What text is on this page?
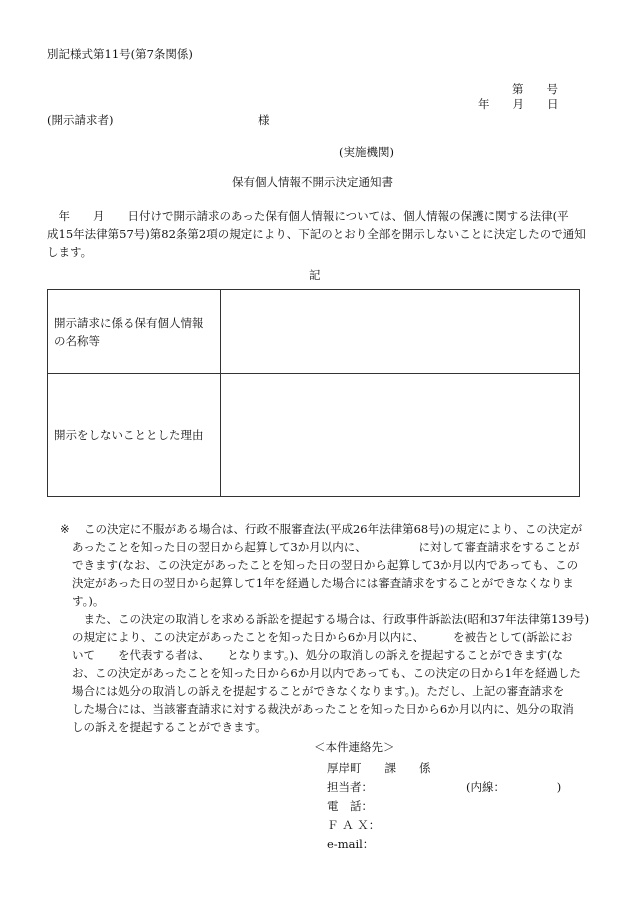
別記様式第11号(第7条関係)
第　　号
年　　月　　日
(開示請求者)	様
(実施機関)
保有個人情報不開示決定通知書

　年　　月　　日付けで開示請求のあった保有個人情報については、個人情報の保護に関する法律(平

成15年法律第57号)第82条第2項の規定により、下記のとおり全部を開示しないことに決定したので通知

します。

記
開示請求に係る保有個人情報
の名称等	

開示をしないこととした理由	

※	この決定に不服がある場合は、行政不服審査法(平成26年法律第68号)の規定により、この決定が

あったことを知った日の翌日から起算して3か月以内に、　　　　　に対して審査請求をすることが

できます(なお、この決定があったことを知った日の翌日から起算して3か月以内であっても、この

決定があった日の翌日から起算して1年を経過した場合には審査請求をすることができなくなりま

す。)。

　また、この決定の取消しを求める訴訟を提起する場合は、行政事件訴訟法(昭和37年法律第139号)

の規定により、この決定があったことを知った日から6か月以内に、　　　を被告として(訴訟にお

いて　　を代表する者は、　　となります。)、処分の取消しの訴えを提起することができます(な

お、この決定があったことを知った日から6か月以内であっても、この決定の日から1年を経過した

場合には処分の取消しの訴えを提起することができなくなります。)。ただし、上記の審査請求を

した場合には、当該審査請求に対する裁決があったことを知った日から6か月以内に、処分の取消

しの訴えを提起することができます。

＜本件連絡先＞
厚岸町　　課　　係
担当者：	(内線：　　　　　)
電　話：
Ｆ Ａ Ｘ：
e-mail：
